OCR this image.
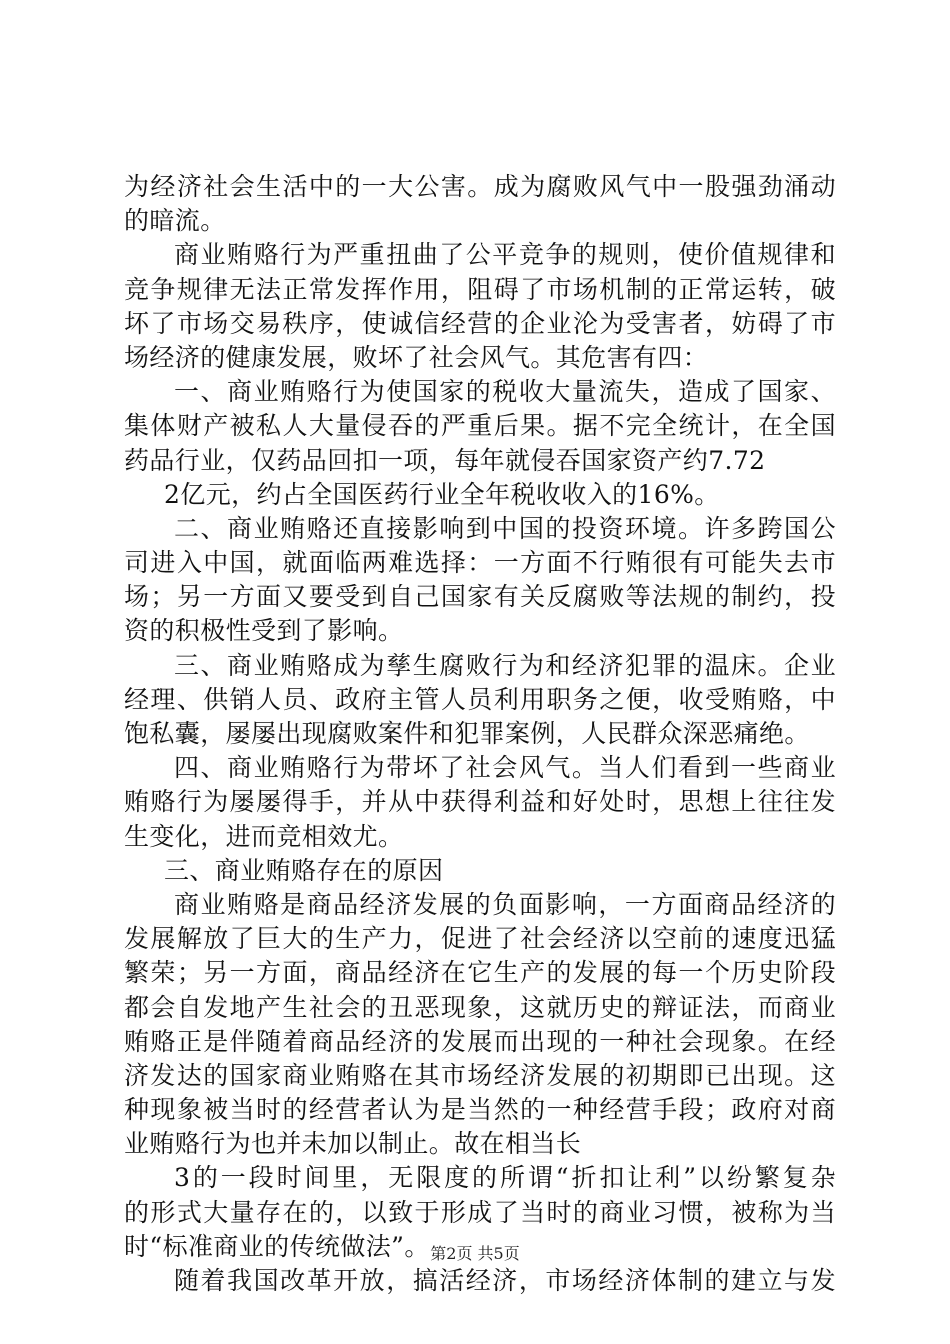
为经济社会生活中的一大公害。成为腐败风气中一股强劲涌动
的暗流。
商业贿赂行为严重扭曲了公平竞争的规则，使价值规律和
竞争规律无法正常发挥作用，阻碍了市场机制的正常运转，破
坏了市场交易秩序，使诚信经营的企业沦为受害者，妨碍了市
场经济的健康发展，败坏了社会风气。其危害有四：
一、商业贿赂行为使国家的税收大量流失，造成了国家、
集体财产被私人大量侵吞的严重后果。据不完全统计，在全国
药品行业，仅药品回扣一项，每年就侵吞国家资产约7.72
2亿元，约占全国医药行业全年税收收入的16%。
二、商业贿赂还直接影响到中国的投资环境。许多跨国公
司进入中国，就面临两难选择：一方面不行贿很有可能失去市
场；另一方面又要受到自己国家有关反腐败等法规的制约，投
资的积极性受到了影响。
三、商业贿赂成为孳生腐败行为和经济犯罪的温床。企业
经理、供销人员、政府主管人员利用职务之便，收受贿赂，中
饱私囊，屡屡出现腐败案件和犯罪案例，人民群众深恶痛绝。
四、商业贿赂行为带坏了社会风气。当人们看到一些商业
贿赂行为屡屡得手，并从中获得利益和好处时，思想上往往发
生变化，进而竞相效尤。
三、商业贿赂存在的原因
商业贿赂是商品经济发展的负面影响，一方面商品经济的
发展解放了巨大的生产力，促进了社会经济以空前的速度迅猛
繁荣；另一方面，商品经济在它生产的发展的每一个历史阶段
都会自发地产生社会的丑恶现象，这就历史的辩证法，而商业
贿赂正是伴随着商品经济的发展而出现的一种社会现象。在经
济发达的国家商业贿赂在其市场经济发展的初期即已出现。这
种现象被当时的经营者认为是当然的一种经营手段；政府对商
业贿赂行为也并未加以制止。故在相当长
3的一段时间里，无限度的所谓“折扣让利”以纷繁复杂
的形式大量存在的，以致于形成了当时的商业习惯，被称为当
时“标准商业的传统做法”。
随着我国改革开放，搞活经济，市场经济体制的建立与发
第2页 共5页
